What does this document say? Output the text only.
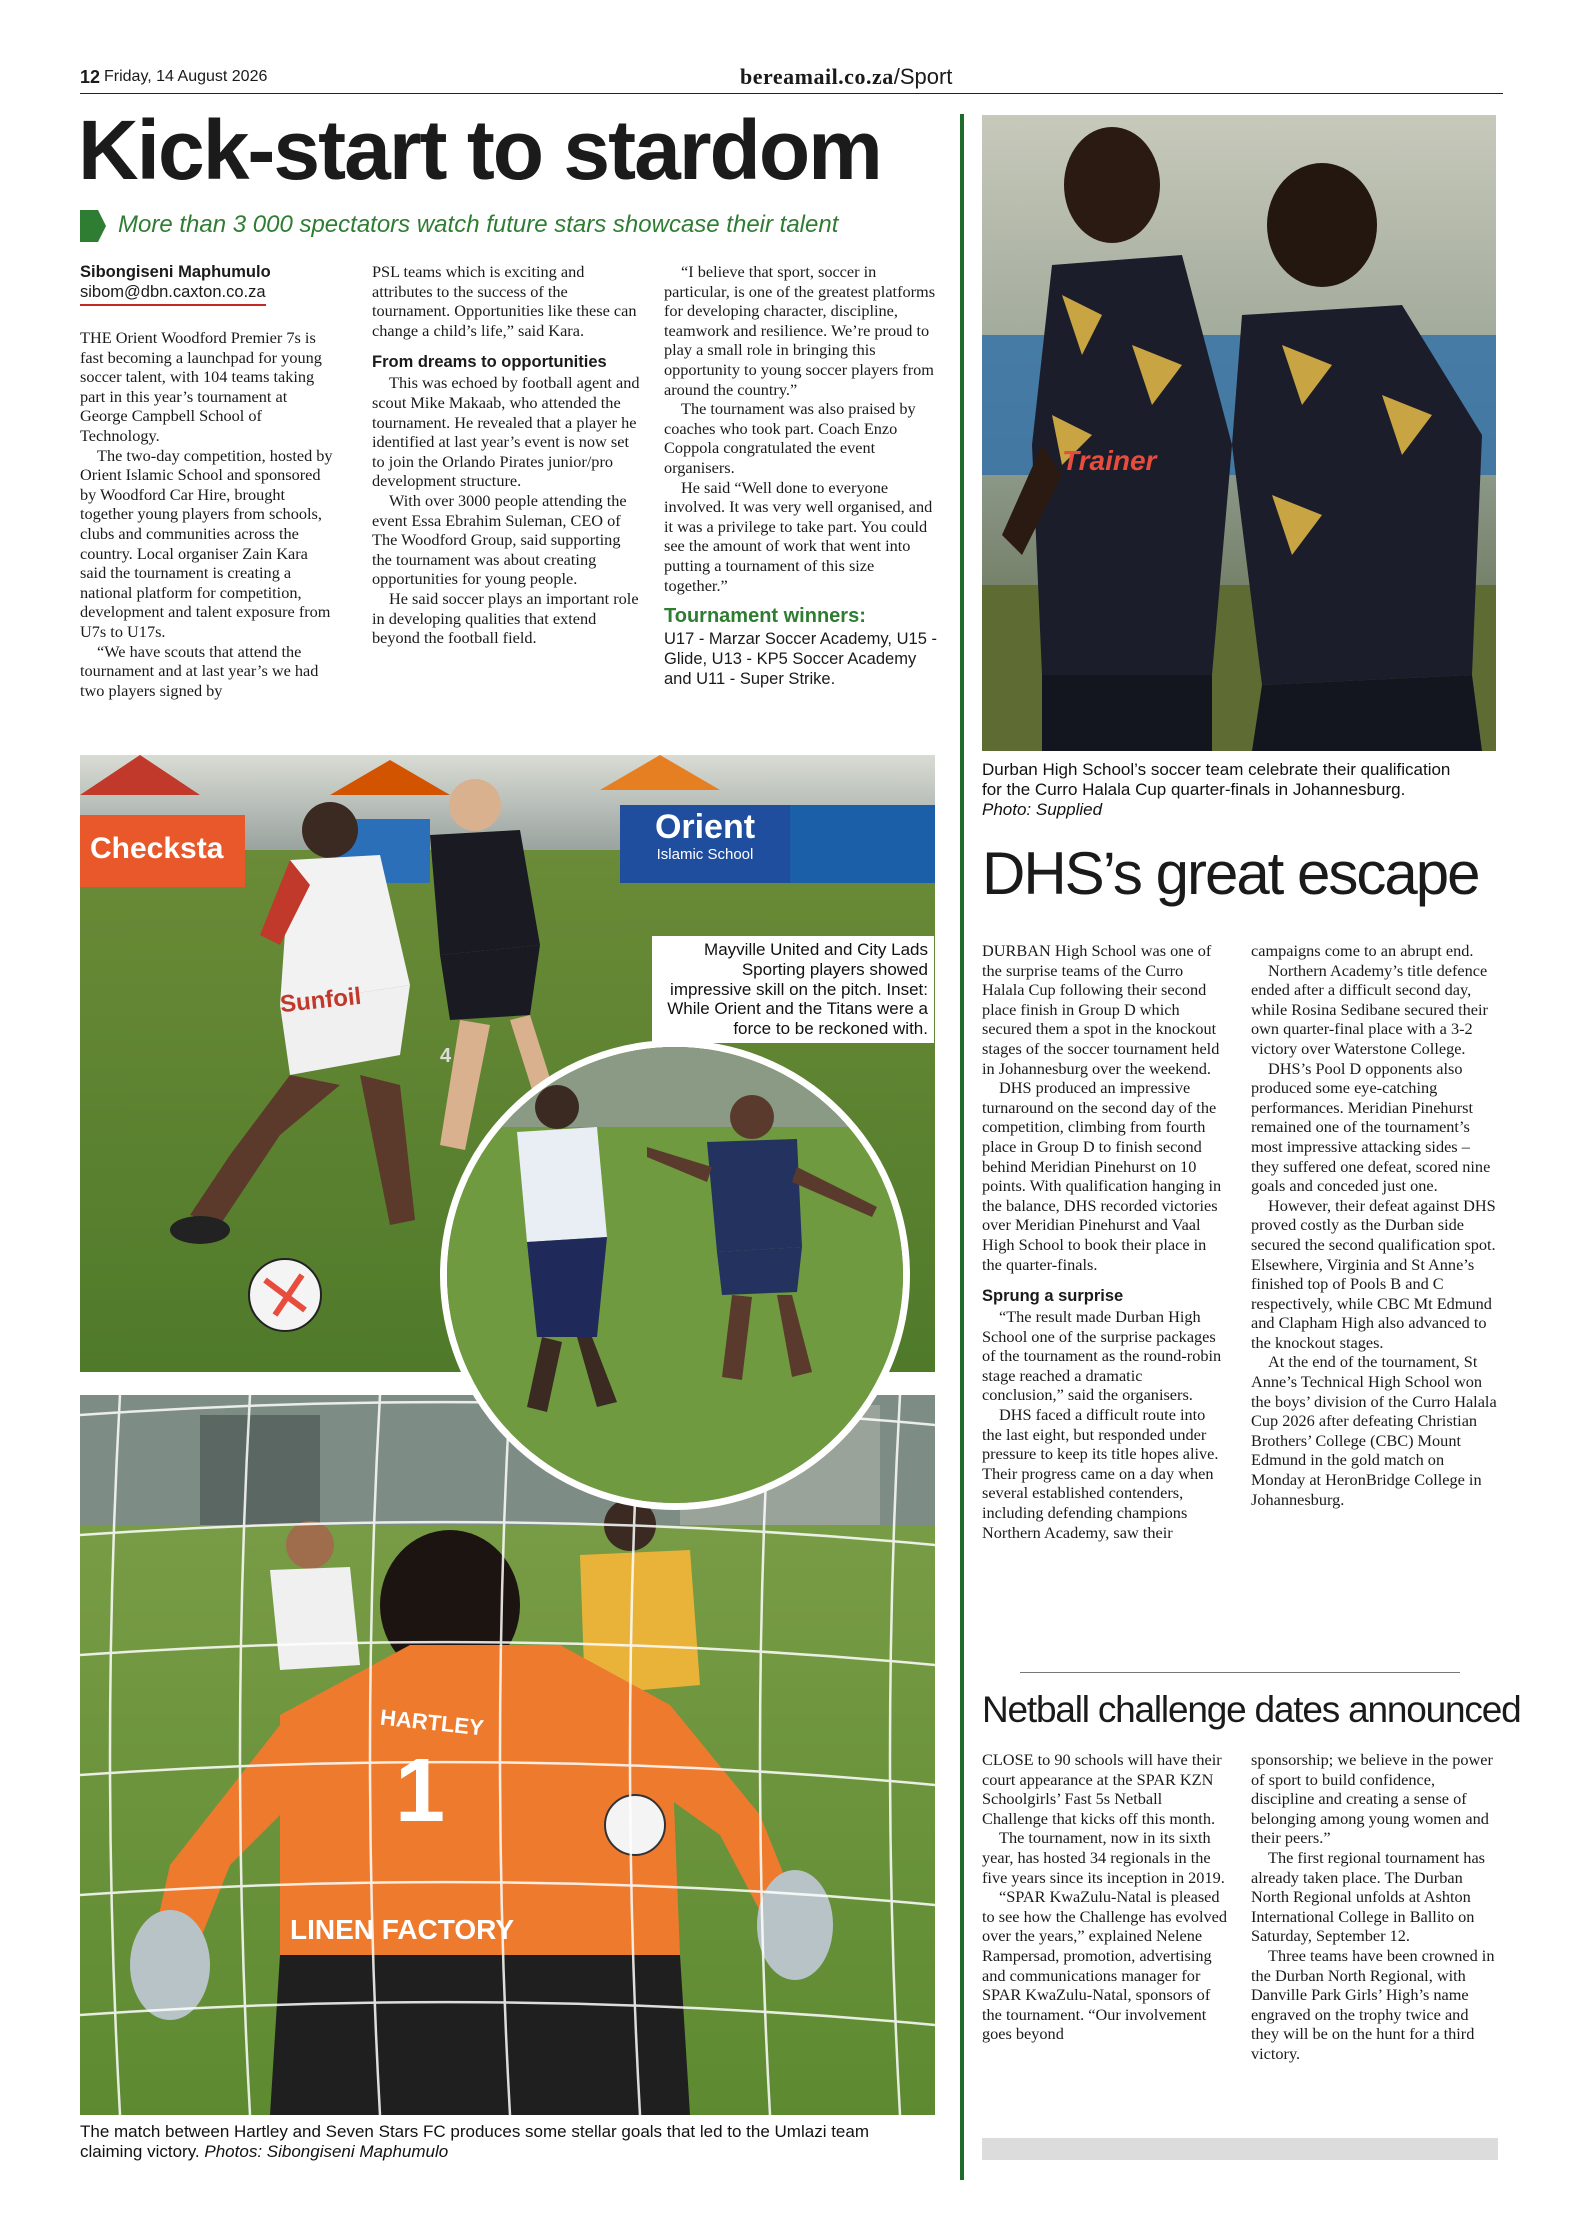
12 Friday, 14 August 2026	bereamail.co.za/Sport
Kick-start to stardom
More than 3 000 spectators watch future stars showcase their talent
Sibongiseni Maphumulo
sibom@dbn.caxton.co.za

THE Orient Woodford Premier 7s is fast becoming a launchpad for young soccer talent, with 104 teams taking part in this year’s tournament at George Campbell School of Technology.

The two-day competition, hosted by Orient Islamic School and sponsored by Woodford Car Hire, brought together young players from schools, clubs and communities across the country. Local organiser Zain Kara said the tournament is creating a national platform for competition, development and talent exposure from U7s to U17s.

“We have scouts that attend the tournament and at last year’s we had two players signed by

PSL teams which is exciting and attributes to the success of the tournament. Opportunities like these can change a child’s life,” said Kara.

From dreams to opportunities

This was echoed by football agent and scout Mike Makaab, who attended the tournament. He revealed that a player he identified at last year’s event is now set to join the Orlando Pirates junior/pro development structure.

With over 3000 people attending the event Essa Ebrahim Suleman, CEO of The Woodford Group, said supporting the tournament was about creating opportunities for young people.

He said soccer plays an important role in developing qualities that extend beyond the football field.

“I believe that sport, soccer in particular, is one of the greatest platforms for developing character, discipline, teamwork and resilience. We’re proud to play a small role in bringing this opportunity to young soccer players from around the country.”

The tournament was also praised by coaches who took part. Coach Enzo Coppola congratulated the event organisers.

He said “Well done to everyone involved. It was very well organised, and it was a privilege to take part. You could see the amount of work that went into putting a tournament of this size together.”

Tournament winners:
U17 - Marzar Soccer Academy, U15 - Glide, U13 - KP5 Soccer Academy and U11 - Super Strike.
Orient
Islamic School
Checksta
Sunfoil
4
Mayville United and City Lads Sporting players showed impressive skill on the pitch. Inset: While Orient and the Titans were a force to be reckoned with.
HARTLEY
1
LINEN FACTORY
The match between Hartley and Seven Stars FC produces some stellar goals that led to the Umlazi team claiming victory. Photos: Sibongiseni Maphumulo
Trainer
Durban High School’s soccer team celebrate their qualification for the Curro Halala Cup quarter-finals in Johannesburg. Photo: Supplied
DHS’s great escape

DURBAN High School was one of the surprise teams of the Curro Halala Cup following their second place finish in Group D which secured them a spot in the knockout stages of the soccer tournament held in Johannesburg over the weekend.

DHS produced an impressive turnaround on the second day of the competition, climbing from fourth place in Group D to finish second behind Meridian Pinehurst on 10 points. With qualification hanging in the balance, DHS recorded victories over Meridian Pinehurst and Vaal High School to book their place in the quarter-finals.

Sprung a surprise

“The result made Durban High School one of the surprise packages of the tournament as the round-robin stage reached a dramatic conclusion,” said the organisers.

DHS faced a difficult route into the last eight, but responded under pressure to keep its title hopes alive. Their progress came on a day when several established contenders, including defending champions Northern Academy, saw their

campaigns come to an abrupt end.

Northern Academy’s title defence ended after a difficult second day, while Rosina Sedibane secured their own quarter-final place with a 3-2 victory over Waterstone College.

DHS’s Pool D opponents also produced some eye-catching performances. Meridian Pinehurst remained one of the tournament’s most impressive attacking sides – they suffered one defeat, scored nine goals and conceded just one.

However, their defeat against DHS proved costly as the Durban side secured the second qualification spot. Elsewhere, Virginia and St Anne’s finished top of Pools B and C respectively, while CBC Mt Edmund and Clapham High also advanced to the knockout stages.

At the end of the tournament, St Anne’s Technical High School won the boys’ division of the Curro Halala Cup 2026 after defeating Christian Brothers’ College (CBC) Mount Edmund in the gold match on Monday at HeronBridge College in Johannesburg.

Netball challenge dates announced

CLOSE to 90 schools will have their court appearance at the SPAR KZN Schoolgirls’ Fast 5s Netball Challenge that kicks off this month.

The tournament, now in its sixth year, has hosted 34 regionals in the five years since its inception in 2019.

“SPAR KwaZulu-Natal is pleased to see how the Challenge has evolved over the years,” explained Nelene Rampersad, promotion, advertising and communications manager for SPAR KwaZulu-Natal, sponsors of the tournament. “Our involvement goes beyond

sponsorship; we believe in the power of sport to build confidence, discipline and creating a sense of belonging among young women and their peers.”

The first regional tournament has already taken place. The Durban North Regional unfolds at Ashton International College in Ballito on Saturday, September 12.

Three teams have been crowned in the Durban North Regional, with Danville Park Girls’ High’s name engraved on the trophy twice and they will be on the hunt for a third victory.
